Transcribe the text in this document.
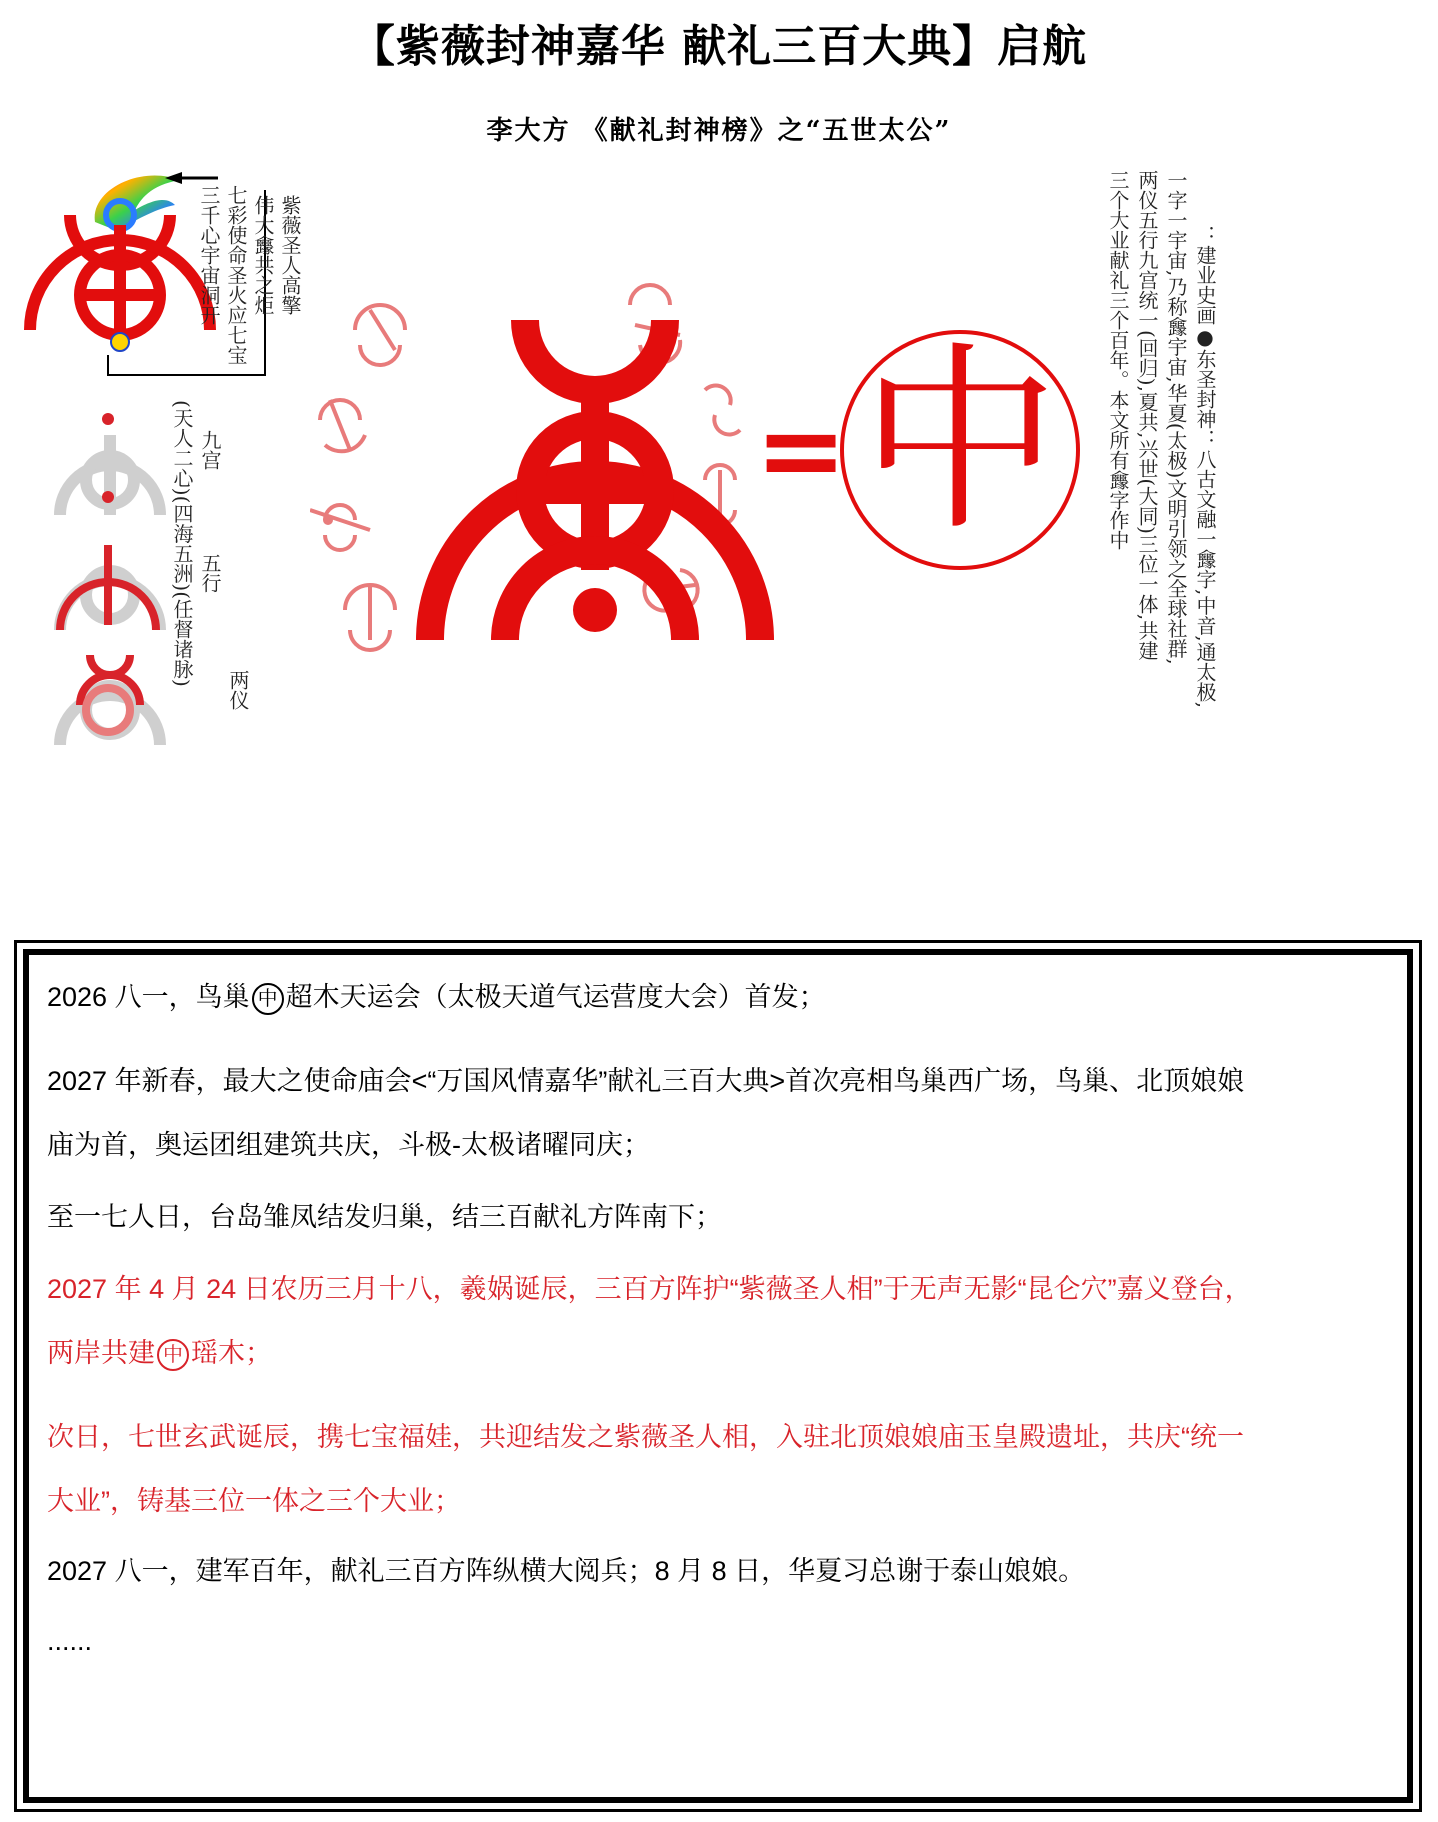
【紫薇封神嘉华 献礼三百大典】启航
李大方 《献礼封神榜》之“五世太公”
紫薇圣人高擎
伟大㒪共之炬
七彩使命圣火应七宝
三千心宇宙洞开
九宫
五行
两仪
(天人二心)(四海五洲)(任督诸脉)	= 中	：建业史画●东圣封神：八古文融一㒪字,中音,通太极,
一字一宇宙,乃称㒪宇宙,华夏(太极)文明引领之全球社群,
两仪五行九宫统一(回归),夏共,兴世(大同)三位一体,共建
三个大业献礼三个百年。本文所有㒪字作中
2026 八一，鸟巢 中 超木天运会（太极天道气运营度大会）首发；
2027 年新春，最大之使命庙会<“万国风情嘉华”献礼三百大典>首次亮相鸟巢西广场，鸟巢、北顶娘娘
庙为首，奥运团组建筑共庆，斗极-太极诸曜同庆；
至一七人日，台岛雏凤结发归巢，结三百献礼方阵南下；
2027 年 4 月 24 日农历三月十八，羲娲诞辰，三百方阵护“紫薇圣人相”于无声无影“昆仑穴”嘉义登台，
两岸共建 中 瑶木；
次日，七世玄武诞辰，携七宝福娃，共迎结发之紫薇圣人相，入驻北顶娘娘庙玉皇殿遗址，共庆“统一
大业”，铸基三位一体之三个大业；
2027 八一，建军百年，献礼三百方阵纵横大阅兵；8 月 8 日，华夏习总谢于泰山娘娘。
......
